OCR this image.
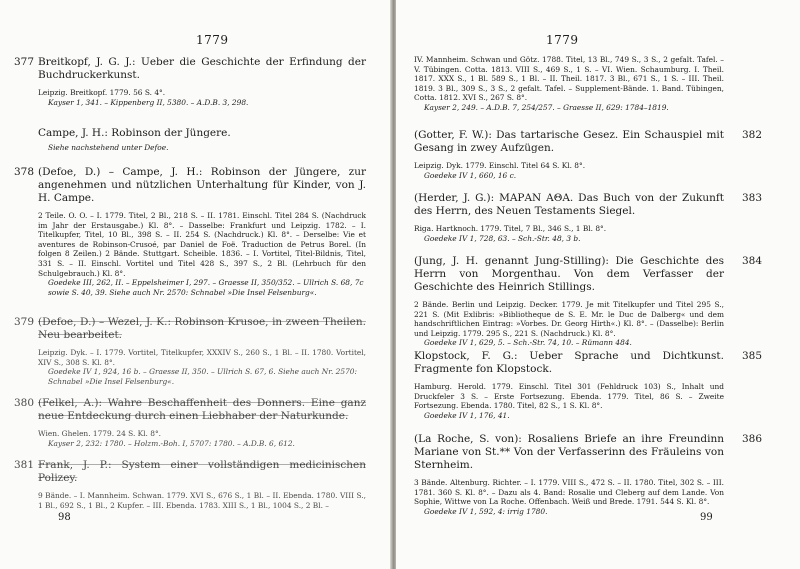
1779
377 Breitkopf, J. G. J.: Ueber die Geschichte der Erfindung der Buchdruckerkunst.
Leipzig. Breitkopf. 1779. 56 S. 4°.
Kayser 1, 341. – Kippenberg II, 5380. – A.D.B. 3, 298.
Campe, J. H.: Robinson der Jüngere.
Siehe nachstehend unter Defoe.
378 (Defoe, D.) – Campe, J. H.: Robinson der Jüngere, zur angenehmen und nützlichen Unterhaltung für Kinder, von J. H. Campe.
2 Teile. O. O. – I. 1779. Titel, 2 Bl., 218 S. – II. 1781. Einschl. Titel 284 S. (Nachdruck im Jahr der Erstausgabe.) Kl. 8°. – Dasselbe: Frankfurt und Leipzig. 1782. – I. Titelkupfer, Titel, 10 Bl., 398 S. – II. 254 S. (Nachdruck.) Kl. 8°. – Derselbe: Vie et aventures de Robinson-Crusoé, par Daniel de Foë. Traduction de Petrus Borel. (In folgen 8 Zeilen.) 2 Bände. Stuttgart. Scheible. 1836. – I. Vortitel, Titel-Bildnis, Titel, 331 S. – II. Einschl. Vortitel und Titel 428 S., 397 S., 2 Bl. (Lehrbuch für den Schulgebrauch.) Kl. 8°.
Goedeke III, 262, II. – Eppelsheimer I, 297. – Graesse II, 350/352. – Ullrich S. 68, 7c sowie S. 40, 39. Siehe auch Nr. 2570: Schnabel »Die Insel Felsenburg«.
379 (Defoe, D.) – Wezel, J. K.: Robinson Krusoe, in zween Theilen. Neu bearbeitet.
Leipzig. Dyk. – I. 1779. Vortitel, Titelkupfer, XXXIV S., 260 S., 1 Bl. – II. 1780. Vortitel, XIV S., 308 S. Kl. 8°.
Goedeke IV 1, 924, 16 b. – Graesse II, 350. – Ullrich S. 67, 6. Siehe auch Nr. 2570: Schnabel »Die Insel Felsenburg«.
380 (Felkel, A.): Wahre Beschaffenheit des Donners. Eine ganz neue Entdeckung durch einen Liebhaber der Naturkunde.
Wien. Ghelen. 1779. 24 S. Kl. 8°.
Kayser 2, 232: 1780. – Holzm.-Boh. I, 5707: 1780. – A.D.B. 6, 612.
381 Frank, J. P.: System einer vollständigen medicinischen Polizey.
9 Bände. – I. Mannheim. Schwan. 1779. XVI S., 676 S., 1 Bl. – II. Ebenda. 1780. VIII S., 1 Bl., 692 S., 1 Bl., 2 Kupfer. – III. Ebenda. 1783. XIII S., 1 Bl., 1004 S., 2 Bl. –
98
1779
IV. Mannheim. Schwan und Götz. 1788. Titel, 13 Bl., 749 S., 3 S., 2 gefalt. Tafel. – V. Tübingen. Cotta. 1813. VIII S., 469 S., 1 S. – VI. Wien. Schaumburg. I. Theil. 1817. XXX S., 1 Bl. 589 S., 1 Bl. – II. Theil. 1817. 3 Bl., 671 S., 1 S. – III. Theil. 1819. 3 Bl., 309 S., 3 S., 2 gefalt. Tafel. – Supplement-Bände. 1. Band. Tübingen, Cotta. 1812. XVI S., 267 S. 8°.
Kayser 2, 249. – A.D.B. 7, 254/257. – Graesse II, 629: 1784–1819.
382
(Gotter, F. W.): Das tartarische Gesez. Ein Schauspiel mit Gesang in zwey Aufzügen.
Leipzig. Dyk. 1779. Einschl. Titel 64 S. Kl. 8°.
Goedeke IV 1, 660, 16 c.
383
(Herder, J. G.): ΜΑΡΑΝ ΑΘΑ. Das Buch von der Zukunft des Herrn, des Neuen Testaments Siegel.
Riga. Hartknoch. 1779. Titel, 7 Bl., 346 S., 1 Bl. 8°.
Goedeke IV 1, 728, 63. – Sch.-Str. 48, 3 b.
384
(Jung, J. H. genannt Jung-Stilling): Die Geschichte des Herrn von Morgenthau. Von dem Verfasser der Geschichte des Heinrich Stillings.
2 Bände. Berlin und Leipzig. Decker. 1779. Je mit Titelkupfer und Titel 295 S., 221 S. (Mit Exlibris: »Bibliotheque de S. E. Mr. le Duc de Dalberg« und dem handschriftlichen Eintrag: »Vorbes. Dr. Georg Hirth«.) Kl. 8°. – (Dasselbe): Berlin und Leipzig. 1779. 295 S., 221 S. (Nachdruck.) Kl. 8°.
Goedeke IV 1, 629, 5. – Sch.-Str. 74, 10. – Rümann 484.
385
Klopstock, F. G.: Ueber Sprache und Dichtkunst. Fragmente fon Klopstock.
Hamburg. Herold. 1779. Einschl. Titel 301 (Fehldruck 103) S., Inhalt und Druckfeler 3 S. – Erste Fortsezung. Ebenda. 1779. Titel, 86 S. – Zweite Fortsezung. Ebenda. 1780. Titel, 82 S., 1 S. Kl. 8°.
Goedeke IV 1, 176, 41.
386
(La Roche, S. von): Rosaliens Briefe an ihre Freundinn Mariane von St.** Von der Verfasserinn des Fräuleins von Sternheim.
3 Bände. Altenburg. Richter. – I. 1779. VIII S., 472 S. – II. 1780. Titel, 302 S. – III. 1781. 360 S. Kl. 8°. – Dazu als 4. Band: Rosalie und Cleberg auf dem Lande. Von Sophie, Wittwe von La Roche. Offenbach. Weiß und Brede. 1791. 544 S. Kl. 8°.
Goedeke IV 1, 592, 4: irrig 1780.
99
